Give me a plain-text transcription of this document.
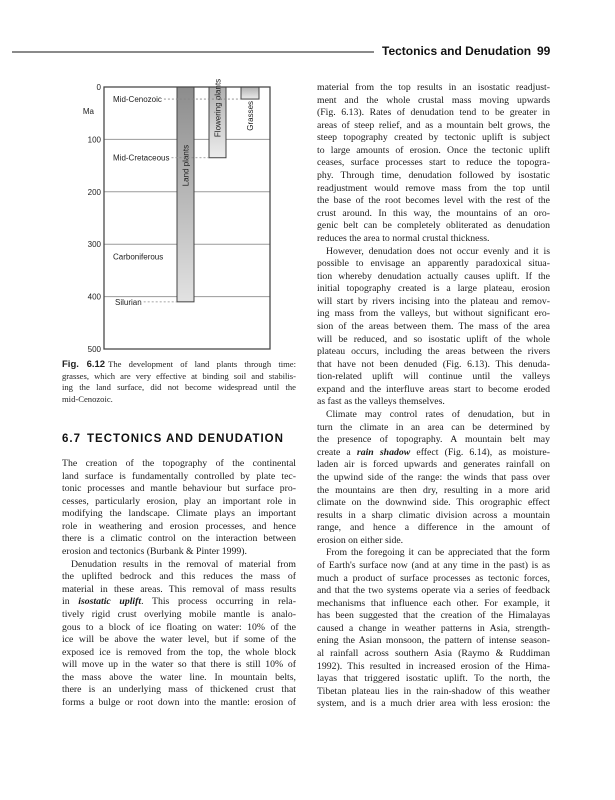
Tectonics and Denudation 99
0
100
200
300
400
500
Ma
Land plants
Flowering plants	Grasses
Mid-Cenozoic
Mid-Cretaceous
Carboniferous
Silurian
Fig. 6.12 The development of land plants through time:
grasses, which are very effective at binding soil and stabilis-
ing the land surface, did not become widespread until the
mid-Cenozoic.
6.7 TECTONICS AND DENUDATION
The creation of the topography of the continental
land surface is fundamentally controlled by plate tec-
tonic processes and mantle behaviour but surface pro-
cesses, particularly erosion, play an important role in
modifying the landscape. Climate plays an important
role in weathering and erosion processes, and hence
there is a climatic control on the interaction between
erosion and tectonics (Burbank & Pinter 1999).
Denudation results in the removal of material from
the uplifted bedrock and this reduces the mass of
material in these areas. This removal of mass results
in isostatic uplift. This process occurring in rela-
tively rigid crust overlying mobile mantle is analo-
gous to a block of ice floating on water: 10% of the
ice will be above the water level, but if some of the
exposed ice is removed from the top, the whole block
will move up in the water so that there is still 10% of
the mass above the water line. In mountain belts,
there is an underlying mass of thickened crust that
forms a bulge or root down into the mantle: erosion of
material from the top results in an isostatic readjust-
ment and the whole crustal mass moving upwards
(Fig. 6.13). Rates of denudation tend to be greater in
areas of steep relief, and as a mountain belt grows, the
steep topography created by tectonic uplift is subject
to large amounts of erosion. Once the tectonic uplift
ceases, surface processes start to reduce the topogra-
phy. Through time, denudation followed by isostatic
readjustment would remove mass from the top until
the base of the root becomes level with the rest of the
crust around. In this way, the mountains of an oro-
genic belt can be completely obliterated as denudation
reduces the area to normal crustal thickness.
However, denudation does not occur evenly and it is
possible to envisage an apparently paradoxical situa-
tion whereby denudation actually causes uplift. If the
initial topography created is a large plateau, erosion
will start by rivers incising into the plateau and remov-
ing mass from the valleys, but without significant ero-
sion of the areas between them. The mass of the area
will be reduced, and so isostatic uplift of the whole
plateau occurs, including the areas between the rivers
that have not been denuded (Fig. 6.13). This denuda-
tion-related uplift will continue until the valleys
expand and the interfluve areas start to become eroded
as fast as the valleys themselves.
Climate may control rates of denudation, but in
turn the climate in an area can be determined by
the presence of topography. A mountain belt may
create a rain shadow effect (Fig. 6.14), as moisture-
laden air is forced upwards and generates rainfall on
the upwind side of the range: the winds that pass over
the mountains are then dry, resulting in a more arid
climate on the downwind side. This orographic effect
results in a sharp climatic division across a mountain
range, and hence a difference in the amount of
erosion on either side.
From the foregoing it can be appreciated that the form
of Earth's surface now (and at any time in the past) is as
much a product of surface processes as tectonic forces,
and that the two systems operate via a series of feedback
mechanisms that influence each other. For example, it
has been suggested that the creation of the Himalayas
caused a change in weather patterns in Asia, strength-
ening the Asian monsoon, the pattern of intense season-
al rainfall across southern Asia (Raymo & Ruddiman
1992). This resulted in increased erosion of the Hima-
layas that triggered isostatic uplift. To the north, the
Tibetan plateau lies in the rain-shadow of this weather
system, and is a much drier area with less erosion: the
